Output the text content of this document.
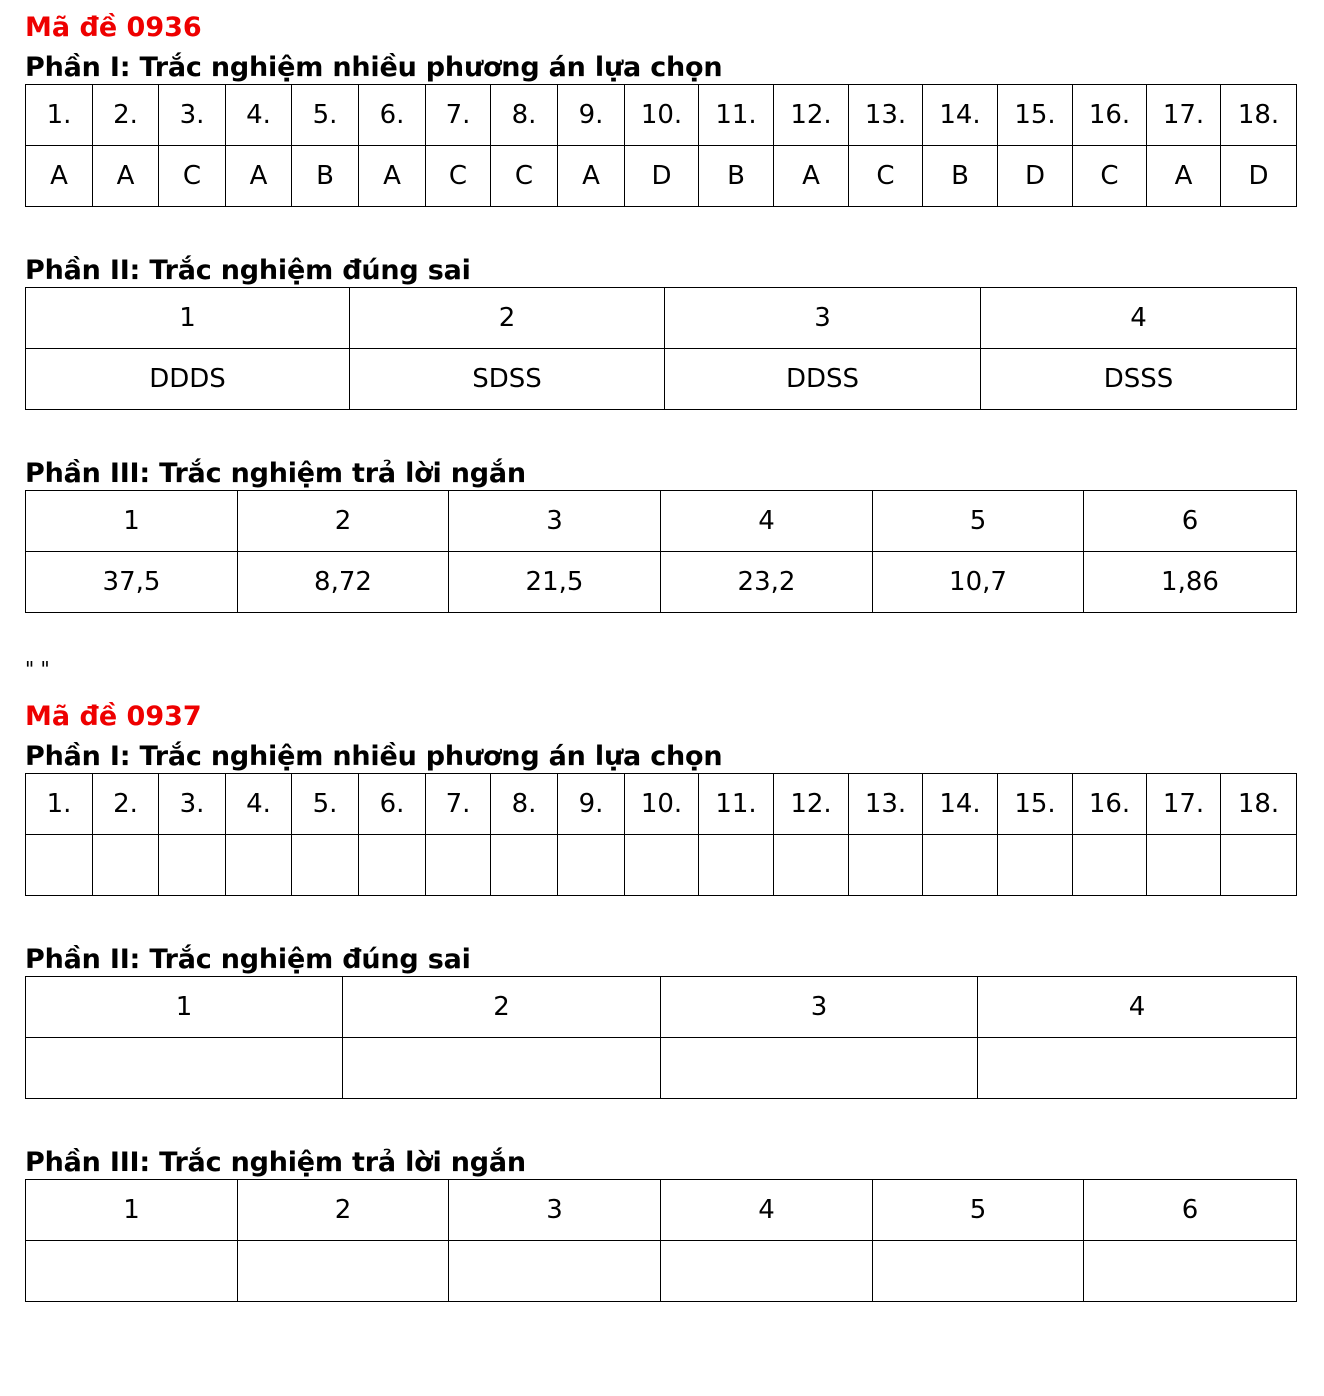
Mã đề 0936

Phần I: Trắc nghiệm nhiều phương án lựa chọn

1.	2.	3.	4.	5.	6.	7.	8.	9.	10.	11.	12.	13.	14.	15.	16.	17.	18.
A	A	C	A	B	A	C	C	A	D	B	A	C	B	D	C	A	D

Phần II: Trắc nghiệm đúng sai

1	2	3	4
DDDS	SDSS	DDSS	DSSS

Phần III: Trắc nghiệm trả lời ngắn

1	2	3	4	5	6
37,5	8,72	21,5	23,2	10,7	1,86

" "

Mã đề 0937

Phần I: Trắc nghiệm nhiều phương án lựa chọn

1.	2.	3.	4.	5.	6.	7.	8.	9.	10.	11.	12.	13.	14.	15.	16.	17.	18.

Phần II: Trắc nghiệm đúng sai

1	2	3	4

Phần III: Trắc nghiệm trả lời ngắn

1	2	3	4	5	6
